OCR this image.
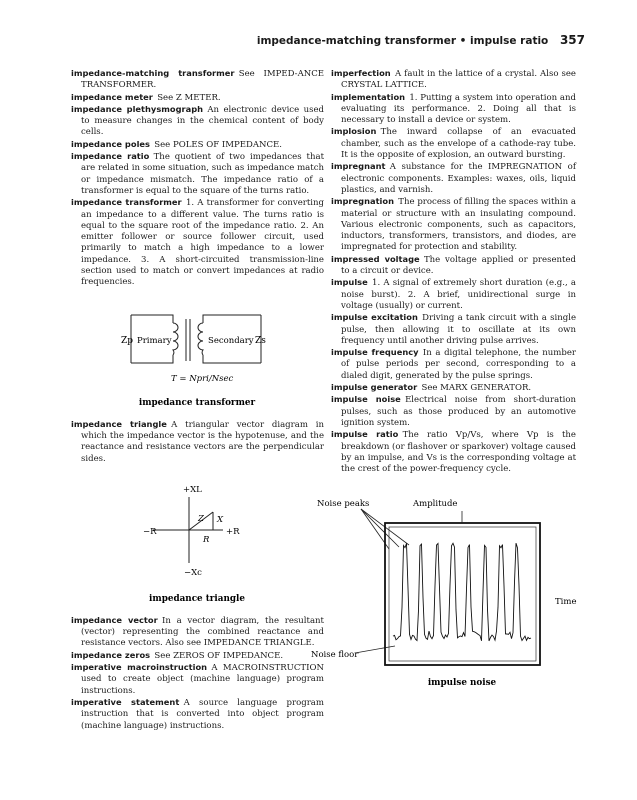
impedance-matching transformer • impulse ratio 357

impedance-matching transformer  See IMPED-ANCE TRANSFORMER.

impedance meter  See Z METER.

impedance plethysmograph  An electronic device used to measure changes in the chemical content of body cells.

impedance poles  See POLES OF IMPEDANCE.

impedance ratio  The quotient of two impedances that are related in some situation, such as impedance match or impedance mismatch. The impedance ratio of a transformer is equal to the square of the turns ratio.

impedance transformer  1. A transformer for converting an impedance to a different value. The turns ratio is equal to the square root of the impedance ratio. 2. An emitter follower or source follower circuit, used primarily to match a high impedance to a lower impedance. 3. A short-circuited transmission-line section used to match or convert impedances at radio frequencies.

Zp Primary	Secondary Zs
T = Npri/Nsec
impedance transformer

impedance triangle  A triangular vector diagram in which the impedance vector is the hypotenuse, and the reactance and resistance vectors are the perpendicular sides.

+XL
−R	+R
Z X
R
−Xc
impedance triangle

impedance vector  In a vector diagram, the resultant (vector) representing the combined reactance and resistance vectors. Also see IMPEDANCE TRIANGLE.

impedance zeros  See ZEROS OF IMPEDANCE.

imperative macroinstruction  A MACROINSTRUCTION used to create object (machine language) program instructions.

imperative statement  A source language program instruction that is converted into object program (machine language) instructions.

imperfection  A fault in the lattice of a crystal. Also see CRYSTAL LATTICE.

implementation  1. Putting a system into operation and evaluating its performance. 2. Doing all that is necessary to install a device or system.

implosion  The inward collapse of an evacuated chamber, such as the envelope of a cathode-ray tube. It is the opposite of explosion, an outward bursting.

impregnant  A substance for the IMPREGNATION of electronic components. Examples: waxes, oils, liquid plastics, and varnish.

impregnation  The process of filling the spaces within a material or structure with an insulating compound. Various electronic components, such as capacitors, inductors, transformers, transistors, and diodes, are impregnated for protection and stability.

impressed voltage  The voltage applied or presented to a circuit or device.

impulse  1. A signal of extremely short duration (e.g., a noise burst). 2. A brief, unidirectional surge in voltage (usually) or current.

impulse excitation  Driving a tank circuit with a single pulse, then allowing it to oscillate at its own frequency until another driving pulse arrives.

impulse frequency  In a digital telephone, the number of pulse periods per second, corresponding to a dialed digit, generated by the pulse springs.

impulse generator  See MARX GENERATOR.

impulse noise  Electrical noise from short-duration pulses, such as those produced by an automotive ignition system.

impulse ratio  The ratio Vp/Vs, where Vp is the breakdown (or flashover or sparkover) voltage caused by an impulse, and Vs is the corresponding voltage at the crest of the power-frequency cycle.

Noise peaks	Amplitude
Time
Noise floor
impulse noise
